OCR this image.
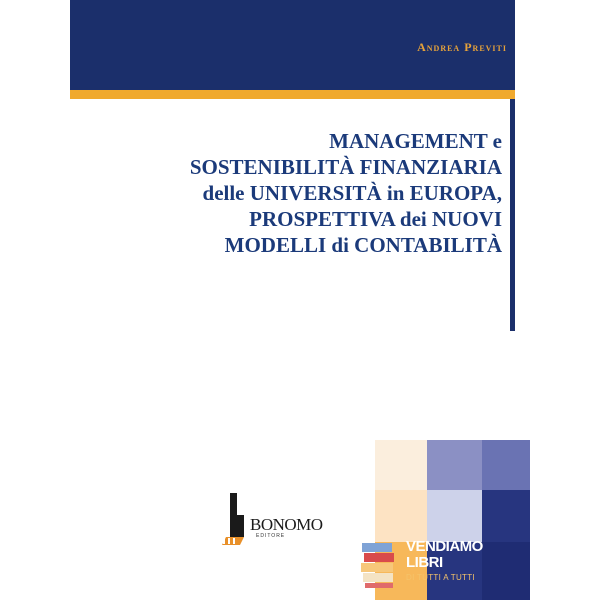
Andrea Previti
MANAGEMENT e
SOSTENIBILITÀ FINANZIARIA
delle UNIVERSITÀ in EUROPA,
PROSPETTIVA dei NUOVI
MODELLI di CONTABILITÀ
BONOMO
EDITORE
VENDIAMO
LIBRI
DI TUTTI A TUTTI
